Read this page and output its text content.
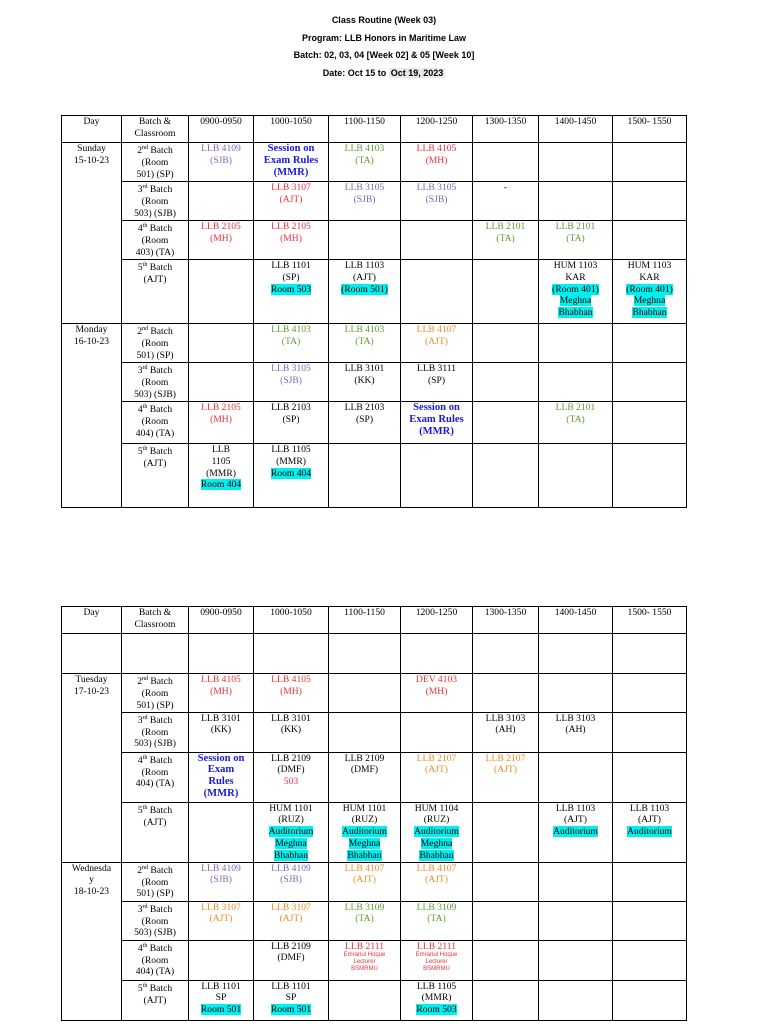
Class Routine (Week 03)
Program: LLB Honors in Maritime Law
Batch: 02, 03, 04 [Week 02] & 05 [Week 10]
Date: Oct 15 to Oct 19, 2023
Day	Batch & Classroom	0900-0950	1000-1050	1100-1150	1200-1250	1300-1350	1400-1450	1500- 1550

Sunday
15-10-23	2nd Batch
(Room
501) (SP)	LLB 4109
(SJB)	Session on
Exam Rules
(MMR)	LLB 4103
(TA)	LLB 4105
(MH)			

	3rd Batch
(Room
503) (SJB)		LLB 3107
(AJT)	LLB 3105
(SJB)	LLB 3105
(SJB)	-		

	4th Batch
(Room
403) (TA)	LLB 2105
(MH)	LLB 2105
(MH)			LLB 2101
(TA)	LLB 2101
(TA)	

	5th Batch
(AJT)		LLB 1101
(SP)
Room 503	LLB 1103
(AJT)
(Room 501)			HUM 1103
KAR
(Room 401)
Meghna
Bhabhan	HUM 1103
KAR
(Room 401)
Meghna
Bhabhan

Monday
16-10-23	2nd Batch
(Room
501) (SP)		LLB 4103
(TA)	LLB 4103
(TA)	LLB 4107
(AJT)			

	3rd Batch
(Room
503) (SJB)		LLB 3105
(SJB)	LLB 3101
(KK)	LLB 3111
(SP)			

	4th Batch
(Room
404) (TA)	LLB 2105
(MH)	LLB 2103
(SP)	LLB 2103
(SP)	Session on
Exam Rules
(MMR)		LLB 2101
(TA)	

	5th Batch
(AJT)	LLB
1105
(MMR)
Room 404	LLB 1105
(MMR)
Room 404					

Day	Batch & Classroom	0900-0950	1000-1050	1100-1150	1200-1250	1300-1350	1400-1450	1500- 1550

Tuesday
17-10-23	2nd Batch
(Room
501) (SP)	LLB 4105
(MH)	LLB 4105
(MH)		DEV 4103
(MH)			

	3rd Batch
(Room
503) (SJB)	LLB 3101
(KK)	LLB 3101
(KK)			LLB 3103
(AH)	LLB 3103
(AH)	

	4th Batch
(Room
404) (TA)	Session on
Exam
Rules
(MMR)	LLB 2109
(DMF)
503	LLB 2109
(DMF)	LLB 2107
(AJT)	LLB 2107
(AJT)		

	5th Batch
(AJT)		HUM 1101
(RUZ)
Auditorium
Meghna
Bhabhan	HUM 1101
(RUZ)
Auditorium
Meghna
Bhabhan	HUM 1104
(RUZ)
Auditorium
Meghna
Bhabhan		LLB 1103
(AJT)
Auditorium	LLB 1103
(AJT)
Auditorium

Wednesda
y
18-10-23	2nd Batch
(Room
501) (SP)	LLB 4109
(SJB)	LLB 4109
(SJB)	LLB 4107
(AJT)	LLB 4107
(AJT)			

	3rd Batch
(Room
503) (SJB)	LLB 3107
(AJT)	LLB 3107
(AJT)	LLB 3109
(TA)	LLB 3109
(TA)			

	4th Batch
(Room
404) (TA)		LLB 2109
(DMF)	LLB 2111
Emranul Hoque
Lecturer
BSMRMU	LLB 2111
Emranul Hoque
Lecturer
BSMRMU			

	5th Batch
(AJT)	LLB 1101
SP
Room 501	LLB 1101
SP
Room 501		LLB 1105
(MMR)
Room 503			
